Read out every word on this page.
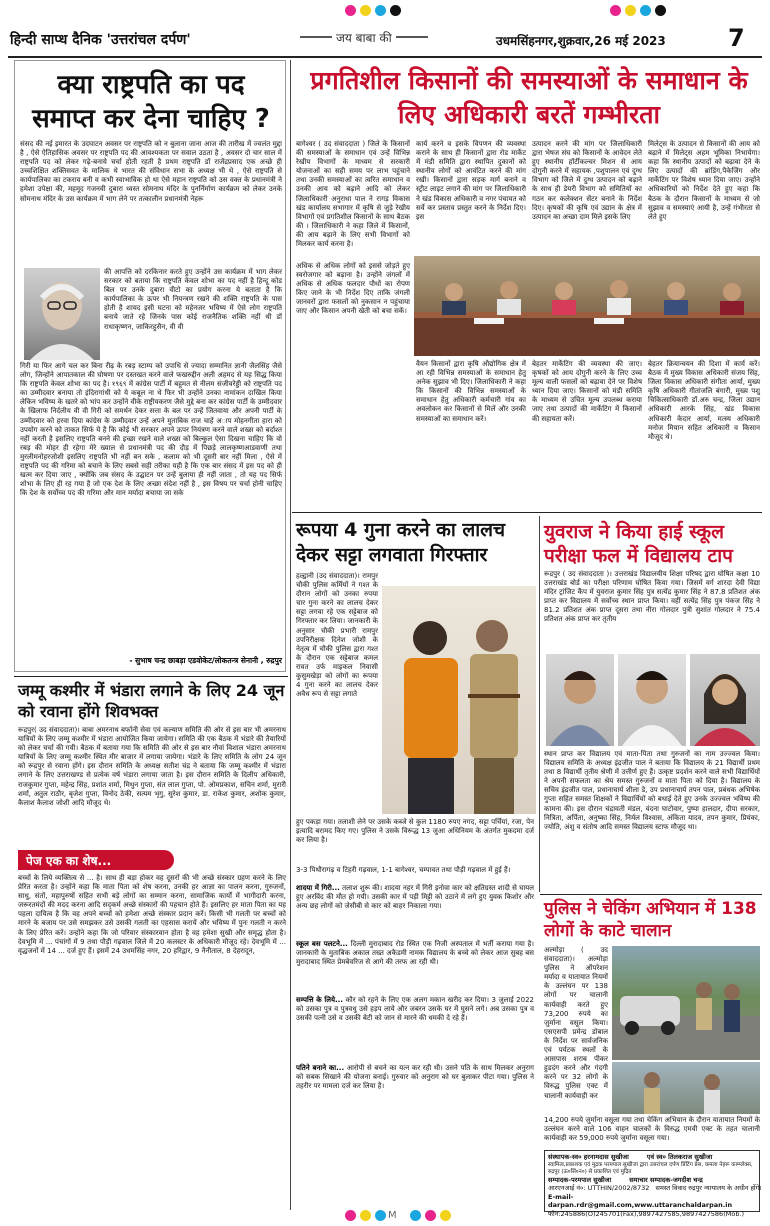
हिन्दी साप्ध दैनिक 'उत्तरांचल दर्पण'	जय बाबा की	उधमसिंहनगर,शुक्रवार,26 मई 2023	7
क्या राष्ट्रपति का पद समाप्त कर देना चाहिए ?
संसद की नई इमारत के उदघाटन अवसर पर राष्ट्रपति को न बुलाना जाना आज की तारीख में ज्वलंत मुद्दा है , ऐसे ऐतिहासिक अवसर पर राष्ट्रपति पद की आवश्यकता पर सवाल उठता है , अवसर दो चार साल में राष्ट्रपति पद को लेकर गढ़े-बनाये चर्चा होती रहती है प्रथम राष्ट्रपति डॉ राजेंद्रप्रसाद एक अच्छे ही उच्चशिक्षित शक्तिसवत के मालिक थे भारत की संविधान सभा के अध्यक्ष भी थे , ऐसे राष्ट्रपति से कार्यपालिका का टकराव बनी व कभी स्वाभाविक हो था ऐसे महान राष्ट्रपति को उस वक्त के प्रधानमंत्री ने हमेशा उपेक्षा की, महमूद गजनवी दुबारा ध्वस्त सोमनाथ मंदिर के पुनर्निर्माण कार्यक्रम को लेकर उनके सोमनाथ मंदिर के उस कार्यक्रम में भाग लेने पर तत्कालीन प्रधानमंत्री नेहरू
की आपत्ति को दरकिनार करते हुए उन्होंने उस कार्यक्रम में भाग लेकर सरकार को बताया कि राष्ट्रपति केवल शोभा का पद नहीं है हिन्दू कोड बिल पर उनके दुबारा वीटो का प्रयोग करना ये बताता है कि कार्यपालिका के ऊपर भी नियन्त्रण रखने की शक्ति राष्ट्रपति के पास होती है शायद इसी घटना को महेनजर भविष्य में ऐसे लोग राष्ट्रपति बनाये जाते रहे जिनके पास कोई राजनैतिक शक्ति नहीं थी डॉ राधाकृष्णन, जाकिरहुसैन, वी वी
गिरी या फिर आगे चल कर बिना रीढ़ के रबड़ स्टाम्प को उपाधि से ज्यादा सम्मानित ज्ञानी जैलसिंह जैसे लोग, जिन्होंने आपातकाल की घोषणा पर दस्तखत करने वाले फखरुद्दीन अली अहमद से यह सिद्ध किया कि राष्ट्रपति केवल शोभा का पद है। १९६९ में कांग्रेस पार्टी में बहुमत से नीलम संजीवरेड्डी को राष्ट्रपति पद का उम्मीदवार बनाया तो इंदिरागांधी को ये कबूल ना थे फिर भी उन्होंने उनका नामांकन दाखिल किया लेकिन भविष्य के खतरे को भांप कर उन्होंने वीके राष्ट्रीयकरण जैसे मुद्दे बना कर कांग्रेस पार्टी के उम्मीदवार के खिलाफ निर्दलीय वी वी गिरी को समर्थन देकर सत्ता के बल पर उन्हें जितवाया और अपनी पार्टी के उम्मीदवार को हरवा दिया कांग्रेस के उम्मीदवार उन्हें अपने मुताबिक राज चाहें अाप मोहनगीता हारा को उपयोग करने को ताकत सिर्फ ये है कि कोई भी सरकार अपने ऊपर नियंत्रण करने वाले शख्स को बर्दाश्त नहीं करती है इसलिए राष्ट्रपति बनने की इच्छा रखने वाले शख्स को बिल्कुल ऐसा दिखना चाहिए कि वो रबड़ की मोहर ही रहेगा मेरे ख्याल से प्रधानमंत्री पद की दौड़ में पिछड़े लालकृष्णआडवाणी तथा मुरलीमनोहरजोशी इसलिए राष्ट्रपति भी नहीं बन सके , कलाम को भी दूसरी बार नहीं मिला , ऐसे में राष्ट्रपति पद की गरिमा को बचाने के लिए सबसे सही तरीका यही है कि एक बार संसद में इस पद को ही खत्म कर दिया जाए , क्योंकि जब संसद के उद्घाटन पर उन्हें बुलाया ही नहीं जाता , तो यह पद सिर्फ शोभा के लिए ही रह गया है जो एक देश के लिए अच्छा संदेश नहीं है , इस विषय पर चर्चा होनी चाहिए कि देश के सर्वोच्च पद की गरिमा और मान मर्यादा बचाया जा सके
- सुभाष चन्द्र छाबड़ा एडवोकेट/लोकतन्त्र सेनानी , रुद्रपुर
प्रगतिशील किसानों की समस्याओं के समाधान के लिए अधिकारी बरतें गम्भीरता
बागेश्वर ( उद संवाददाता ) जिले के किसानों की समस्याओं के समाधान एवं उन्हें विभिन्न रेखीय विभागों के माध्यम से सरकारी योजनाओं का सही समय पर लाभ पहुंचाने तथा उनकी समस्याओं का त्वरित समाधान व उनकी आय को बढ़ाने आदि को लेकर जिलाधिकारी अनुराधा पाल ने रागड़ विकास खंड कार्यालय सभागार में कृषि से जुड़े रेखीय विभागों एवं प्रगतिशील किसानों के साथ बैठक की । जिलाधिकारी ने कहा जिले में किसानों, की आय बढ़ाने के लिए सभी विभागों को मिलकर कार्य करना है।
कार्य करने व इसके विपणन की व्यवस्था कराने के साथ ही किसानों द्वारा रोड मार्केट में मंडी समिति द्वारा स्थापित दुकानों को स्थानीय लोगों को आवंटित करने की मांग रखी। किसानों द्वारा सड़क मार्ग बनाने व स्ट्रीट लाइट लगाने की मांग पर जिलाधिकारी ने खंड विकास अधिकारी व नगर पंचायत को सर्वे कर प्रस्ताव प्रस्तुत करने के निर्देश दिए। इस
उत्पादन करने की मांग पर जिलाधिकारी द्वारा भेषज संघ को किसानों के आवेदन लेते हुए स्थानीय हॉर्टीकल्चर मिशन से आय दोगुनी करने में सहायक ,पशुपालन एवं दुग्ध विभाग को जिले में दुग्ध उत्पादन को बढ़ाने के साथ ही डेयरी विभाग को समितियों का गठन कर कलेक्शन सेंटर बनाने के निर्देश दिए। कृषकों की कृषि एवं उद्यान के क्षेत्र में उत्पादन का अच्छा दाम मिले इसके लिए
मिलेट्स के उत्पादन से किसानों की आय को बढ़ाने में मिलेट्स अहम भूमिका निभायेगा। कहा कि स्थानीय उत्पादों को बढ़ावा देने के लिए उत्पादों की ब्रांडिंग,पैकेजिंग और मार्केटिंग पर विशेष ध्यान दिया जाए। उन्होंने अधिकारियों को निर्देश देते हुए कहा कि बैठक के दौरान किसानों के माध्यम से जो सुझाव व समस्याएं आयी है, उन्हें गंभीरता से लेते हुए
अधिक से अधिक लोगों को इससे जोड़ते हुए स्वरोजगार को बढ़ाना है। उन्होंने जंगलों में अधिक से अधिक फलदार पौधों का रोपण किए जाने के भी निर्देश दिए ताकि जंगली जानवरों द्वारा फसलों को नुकसान न पहुंचाया जाए और किसान अपनी खेती को बचा सकें।
वैयन किसानों द्वारा कृषि औद्योगिक क्षेत्र में आ रही विभिन्न समस्याओं के समाधान हेतु अनेक सुझाव भी दिए। जिलाधिकारी ने कहा कि किसानों की विभिन्न समस्याओं के समाधान हेतु अधिकारी कर्मचारी गांव का अवलोकन कर किसानों से मिलें और उनकी समस्याओं का समाधान करें।
बेहतर मार्केटिंग की व्यवस्था की जाए। कृषकों को आय दोगुनी करने के लिए उच्च मूल्य वाली फसलों को बढ़ावा देने पर विशेष ध्यान दिया जाए। किसानों को मंडी समिति के माध्यम से उचित मूल्य उपलब्ध कराया जाए तथा उत्पादों की मार्केटिंग में किसानों की सहायता करें।
बेहतर क्रियान्वयन की दिशा में कार्य करें।बैठक में मुख्य विकास अधिकारी संजय सिंह, जिला विकास अधिकारी संगीता आर्या, मुख्य कृषि अधिकारी गीतांजलि बंगारी, मुख्य पशु चिकित्साधिकारी डॉ.अरु चन्द्र, जिला उद्यान अधिकारी आरके सिंह, खंड विकास अधिकारी केदार आर्या, मत्स्य अधिकारी मनोज मियान सहित अधिकारी व किसान मौजूद थे।
रूपया 4 गुना करने का लालच देकर सट्टा लगवाता गिरफ्तार
हल्द्वानी (उद संवाददाता)। रामपुर चौकी पुलिस कर्मियों ने गश्त के दौरान लोगों को उनका रुपया चार गुना करने का लालच देकर सट्टा लगवा रहे एक सट्टेबाज को गिरफ्तार कर लिया। जानकारी के अनुसार चौकी प्रभारी रामपुर उपनिरीक्षक दिनेश जोशी के नेतृत्व में चौकी पुलिस द्वारा गश्त के दौरान एक सट्टेबाज कमल रावत उर्फ माइकल निवासी कुसुमखेड़ा को लोगों का रूपया 4 गुना करने का लालच देकर अवैध रूप से सट्टा लगाते
हुए पकड़ा गया। तलाशी लेने पर उसके कब्जे से कुल 1180 रुपए नगद, सट्टा पर्चियां, रजा, पेन इत्यादि बरामद किए गए। पुलिस ने उसके विरूद्ध 13 जुआ अधिनियम के अंतर्गत मुकदमा दर्ज कर लिया है।
युवराज ने किया हाई स्कूल परीक्षा फल में विद्यालय टाप
रूद्रपुर ( उद संवाददाता )। उत्तराखंड विद्यालयीय शिक्षा परिषद द्वारा घोषित कक्षा 10 उत्तराखंड बोर्ड का परीक्षा परिणाम घोषित किया गया। जिसमें वर्ग शारदा देवी विद्या मंदिर ट्रांजिट कैंप में युवराज कुमार सिंह पुत्र सत्येंद्र कुमार सिंह ने 87.8 प्रतिशत अंक प्राप्त कर विद्यालय में सर्वोच्च स्थान प्राप्त किया। वहीं सत्येंद्र सिंह पुत्र पंकज सिंह ने 81.2 प्रतिशत अंक प्राप्त दूसरा तथा नीरा गोलदार पुत्री सुशांत गोलदार ने 75.4 प्रतिशत अंक प्राप्त कर तृतीय
स्थान प्राप्त कर विद्यालय एवं माता-पिता तथा गुरुजनों का नाम उज्ज्वल किया। विद्यालय समिति के अध्यक्ष इंद्रजीत पाल ने बताया कि विद्यालय के 21 विद्यार्थी प्रथम तथा 8 विद्यार्थी तृतीय श्रेणी में उत्तीर्ण हुए हैं। उत्कृष्ट प्रदर्शन करने वाले सभी विद्यार्थियों ने अपनी सफलता का श्रेय समस्त गुरुजनों व माता पिता को दिया है। विद्यालय के सचिव इंद्रजीत पाल, प्रधानाचार्य शीला डे, उप प्रधानाचार्य तपन पाल, प्रबंधक अभिषेक गुप्ता सहित समस्त शिक्षकों ने विद्यार्थियों को बधाई देते हुए उनके उज्ज्वल भविष्य की कामना की। इस दौरान चंद्रावती मंडल, वंदना घाटोवार, पुष्पा हालदार, दीपा सरकार, नित्रिता, अर्पिता, अनुष्का सिंह, निर्मल विश्वास, अंकिता यादव, तपन कुमार, प्रियंका, ज्योति, अंशु व संतोष आदि समस्त विद्यालय स्टाफ मौजूद था।
जम्मू कश्मीर में भंडारा लगाने के लिए 24 जून को रवाना होंगे शिवभक्त
रूद्रपुर( उद संवाददाता)। बाबा अमरनाथ बर्फानी सेवा एवं कल्याण समिति की ओर से इस बार भी अमरनाथ यात्रियों के लिए जम्मू कश्मीर में भंडारा आयोजित किया जायेगा। समिति की एक बैठक में भंडारे की तैयारियों को लेकर चर्चा की गयी। बैठक में बताया गया कि समिति की ओर से इस बार नौवां विशाल भंडारा अमरनाथ यात्रियों के लिए जम्मू कश्मीर स्थित मीर बाजार में लगाया जायेगा। भंडारे के लिए समिति के लोग 24 जून को रूद्रपुर से रवाना होंगे। इस दौरान समिति के अध्यक्ष सतीश चंद्र ने बताया कि जम्मू कश्मीर में भंडारा लगाने के लिए उत्तराखण्ड से प्रत्येक वर्ष भंडारा लगाया जाता है। इस दौरान समिति के दिलीप अधिकारी, राजकुमार गुप्ता, महेन्द्र सिंह, प्रशांत शर्मा, मिथुन गुप्ता, संत लाल गुप्ता, पो. ओमप्रकाश, सचिन शर्मा, मुरारी शर्मा, अतुल राठौर, बृजेश गुप्ता, विनोद ठेकी, सत्यम भृगु, सुरेश कुमार, डा. राकेश कुमार, अशोक कुमार, कैलाश कैलाश जोशी आदि मौजूद थे।
पेज एक का शेष...
बच्चों के लिये व्यक्तित्व से ... है। साथ ही बड़ा होकर वह दूसरों की भी अच्छे संस्कार ग्रहण करने के लिए प्रेरित करता है। उन्होंने कहा कि माता पिता को शेष करना, उनकी हर आज्ञा का पालन करना, गुरुजनों, साधु, संतों, महापुरुषों सहित सभी बड़े लोगों का सम्मान करना, सामाजिक कार्यों में भागीदारी करना, जरूरतमंदों की मदद करना आदि सद्कर्म अच्छे संस्कारों की पहचान होते हैं। इसलिए हर माता पिता का यह पहला दायित्व है कि वह अपने बच्चों को हमेशा अच्छे संस्कार प्रदान करें। किसी भी गलती पर बच्चों को मारने के बजाय पर उसे समझकर उसे उसकी गलती का एहसास करायें और भविष्य में पुनः गलती न करने के लिए प्रेरित करें। उन्होंने कहा कि जो परिवार संस्कारवान होता है वह हमेशा सुखी और समृद्ध होता है। देवभूमि में ... पंचांगों में 9 तथा पौड़ी गढ़वाल जिले में 20 कलस्टर के अधिकारी मौजूद रहे। देवभूमि में ... वृद्धजनों में 14 ... दर्ज हुए हैं। इसमें 24 उधमसिंह नगर, 20 हरिद्वार, 9 नैनीताल, 8 देहरादून,
3-3 पिथौरागढ़ व टिहरी गढ़वाल, 1-1 बागेश्वर, चम्पावत तथा पौड़ी गढ़वाल में हुई हैं।
शादया में गिरी... तलाश शुरू की। शादया नहर में गिरी इनोवा कार को क्षतिग्रस्त शादी से घायल हुए अरविंद की मौत हो गयी। उसकी कार में पड़ी मिट्टी को उठाने में लगे हुए युवक किशोर और अन्य छह लोगों को जेसीबी से कार को बाहर निकाला गया।
स्कूल बस पलटने... दिल्ली मुरादाबाद रोड स्थित एक निजी अस्पताल में भर्ती कराया गया है। जानकारी के मुताबिक अकाल तख्त अकैडमी नामक विद्यालय के बच्चे को लेकर आज सुबह बस मुरादाबाद स्थित प्रेमबेवरिज से आगे की तरफ आ रही थी।
सम्पत्ति के लिये... कौर को रहने के लिए एक अलग मकान खरीद कर दिया। 3 जुलाई 2022 को उसका पुत्र व पुत्रवधु उसे हड़प लाये और जबरन उसके घर में घुसने लगे। अब उसका पुत्र व उसकी पत्नी उसे व उसकी बेटी को जान से मारने की धमकी दे रहे हैं।
पतिने बनाने का... आरोपी से बचने का यत्न कर रही थी। उसने पति के साथ मिलकर अनुराग को सबक सिखाने की योजना बनाई। गुरुवार को अनुराग को घर बुलाकर पीटा गया। पुलिस ने तहरीर पर मामला दर्ज कर लिया है।
पुलिस ने चेकिंग अभियान में 138 लोगों के काटे चालान
अल्मोड़ा ( उद संवाददाता)। अल्मोड़ा पुलिस ने ऑपरेशन मर्यादा व यातायात नियमों के उल्लंघन पर 138 लोगों पर चालानी कार्यवाही करते हुए 73,200 रुपये का जुर्माना वसूल किया। एसएसपी प्रमेन्द्र डोबाल के निर्देश पर सार्वजनिक एवं पर्यटक स्थलों के आसपास शराब पीकर हुडदंग करने और गंदगी करने पर 32 लोगों के विरुद्ध पुलिस एक्ट में चालानी कार्यवाही कर
14,200 रुपये जुर्माना वसूला गया तथा चेकिंग अभियान के दौरान यातायात नियमों के उल्लंघन करने वाले 106 वाहन चालकों के विरुद्ध एमवी एक्ट के तहत चालानी कार्यवाही कर 59,000 रुपये जुर्माना वसूला गया।
संस्थापक-स्व० हरनामदास सुखीजा        एवं स्व० तिलकराज सुखीजा
स्वामित्व,प्रकाशक एवं मुद्रक परमपाल सुखीजा द्वारा उत्तरांचल दर्पण प्रिंटिंग प्रेस, कमला नेहरू काम्प्लेक्स, रुद्रपुर (ऊ०सिं०न०) से प्रकाशित एवं मुद्रित
सम्पादक-परमपाल सुखीजा        समाचार सम्पादक-जगदीश चन्द्र
आरएनआई नं०: UTTHIN/2002/8732   समस्त विवाद रुद्रपुर न्यायालय के अधीन होंगे।
E-mail-darpan.rdr@gmail.com,www.uttaranchaldarpan.in
फोन:245886(O)245701(Fax),9897427585,9897427586(Mob.)
M
